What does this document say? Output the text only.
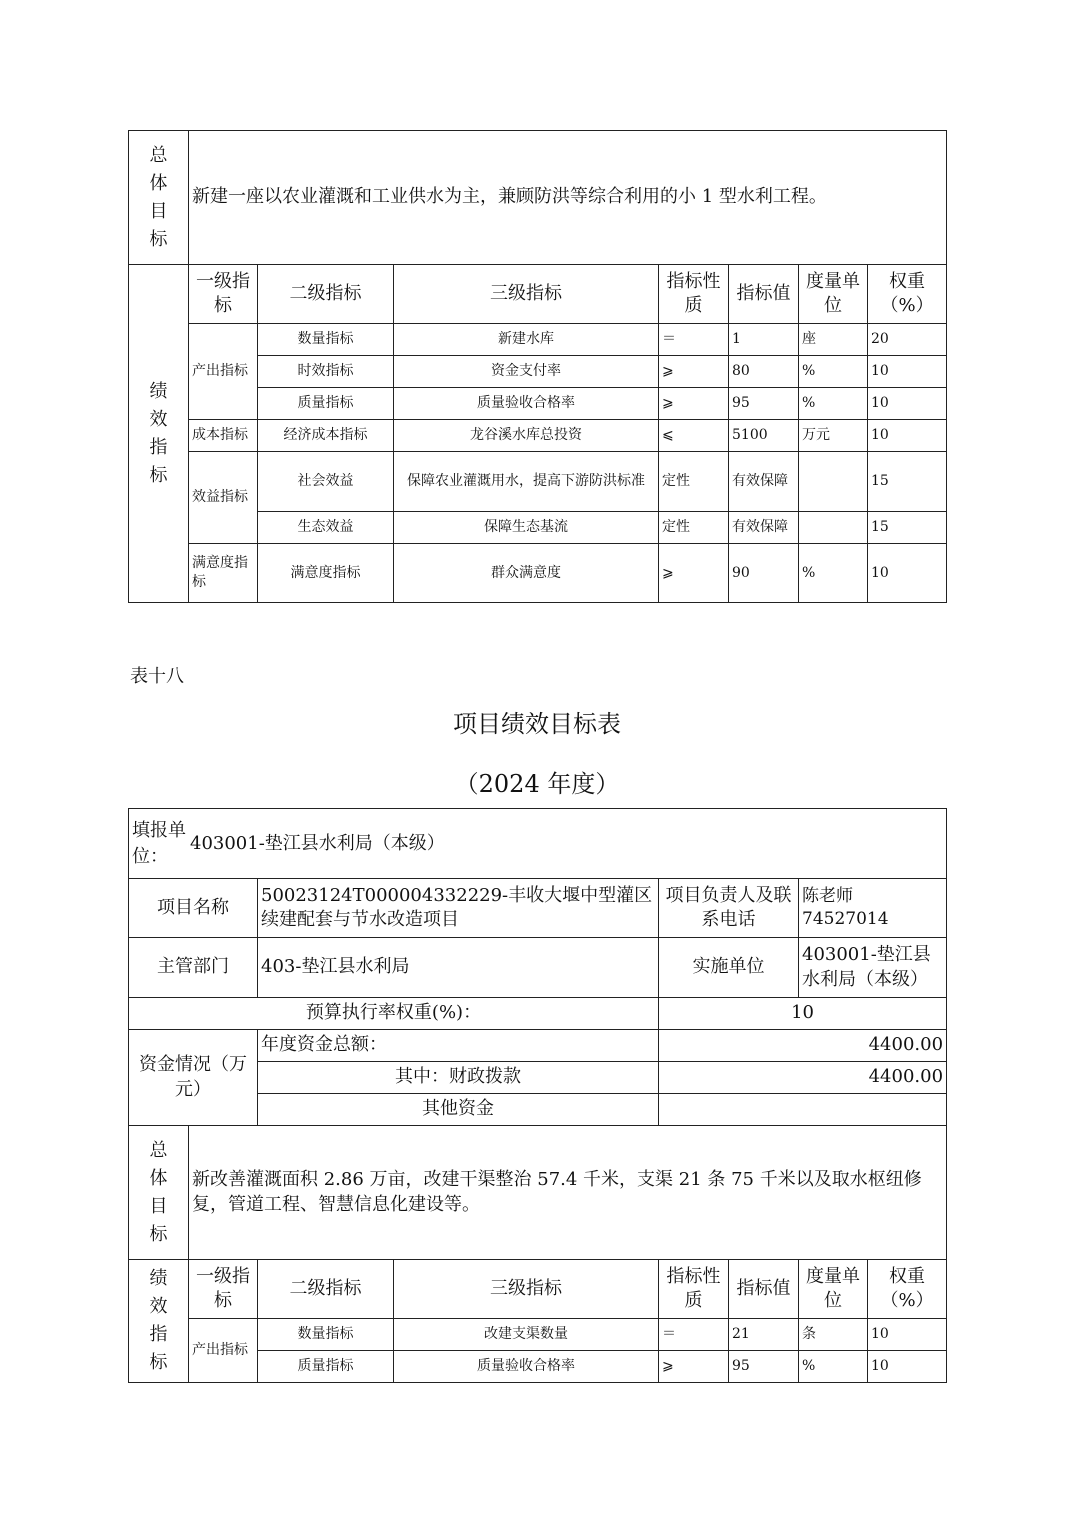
总
体
目
标	新建一座以农业灌溉和工业供水为主，兼顾防洪等综合利用的小 1 型水利工程。						

绩
效
指
标	一级指标	二级指标	三级指标	指标性质	指标值	度量单位	权重（%）
	产出指标	数量指标	新建水库	＝	1	座	20
		时效指标	资金支付率	⩾	80	%	10
		质量指标	质量验收合格率	⩾	95	%	10
	成本指标	经济成本指标	龙谷溪水库总投资	⩽	5100	万元	10
	效益指标	社会效益	保障农业灌溉用水，提高下游防洪标准	定性	有效保障		15
		生态效益	保障生态基流	定性	有效保障		15
	满意度指标	满意度指标	群众满意度	⩾	90	%	10
表十八
项目绩效目标表
（2024 年度）
填报单位：403001-垫江县水利局（本级）							
项目名称		50023124T000004332229-丰收大堰中型灌区续建配套与节水改造项目		项目负责人及联系电话		陈老师 74527014	
主管部门		403-垫江县水利局		实施单位		403001-垫江县水利局（本级）	
预算执行率权重(%)：				10			
资金情况（万元）		年度资金总额：		4400.00			
		其中：财政拨款		4400.00			
		其他资金					

总
体
目
标	新改善灌溉面积 2.86 万亩，改建干渠整治 57.4 千米，支渠 21 条 75 千米以及取水枢纽修复，管道工程、智慧信息化建设等。						

绩
效
指
标	一级指标	二级指标	三级指标	指标性质	指标值	度量单位	权重（%）
	产出指标	数量指标	改建支渠数量	＝	21	条	10
		质量指标	质量验收合格率	⩾	95	%	10
